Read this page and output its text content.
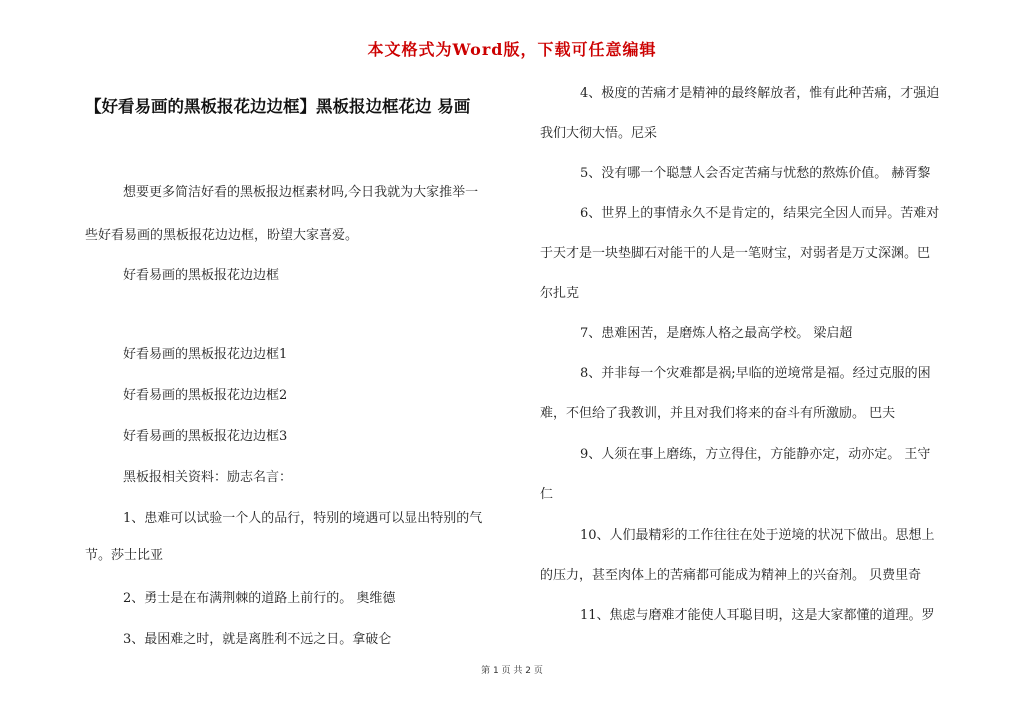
本文格式为Word版，下载可任意编辑
【好看易画的黑板报花边边框】黑板报边框花边 易画

想要更多简洁好看的黑板报边框素材吗,今日我就为大家推举一

些好看易画的黑板报花边边框，盼望大家喜爱。

好看易画的黑板报花边边框

好看易画的黑板报花边边框1

好看易画的黑板报花边边框2

好看易画的黑板报花边边框3

黑板报相关资料：励志名言：

1、患难可以试验一个人的品行，特别的境遇可以显出特别的气

节。莎士比亚

2、勇士是在布满荆棘的道路上前行的。 奥维德

3、最困难之时，就是离胜利不远之日。拿破仑

4、极度的苦痛才是精神的最终解放者，惟有此种苦痛，才强迫

我们大彻大悟。尼采

5、没有哪一个聪慧人会否定苦痛与忧愁的熬炼价值。 赫胥黎

6、世界上的事情永久不是肯定的，结果完全因人而异。苦难对

于天才是一块垫脚石对能干的人是一笔财宝，对弱者是万丈深渊。巴

尔扎克

7、患难困苦，是磨炼人格之最高学校。 梁启超

8、并非每一个灾难都是祸;早临的逆境常是福。经过克服的困

难，不但给了我教训，并且对我们将来的奋斗有所激励。 巴夫

9、人须在事上磨练，方立得住，方能静亦定，动亦定。 王守

仁

10、人们最精彩的工作往往在处于逆境的状况下做出。思想上

的压力，甚至肉体上的苦痛都可能成为精神上的兴奋剂。 贝费里奇

11、焦虑与磨难才能使人耳聪目明，这是大家都懂的道理。罗

第 1 页 共 2 页
